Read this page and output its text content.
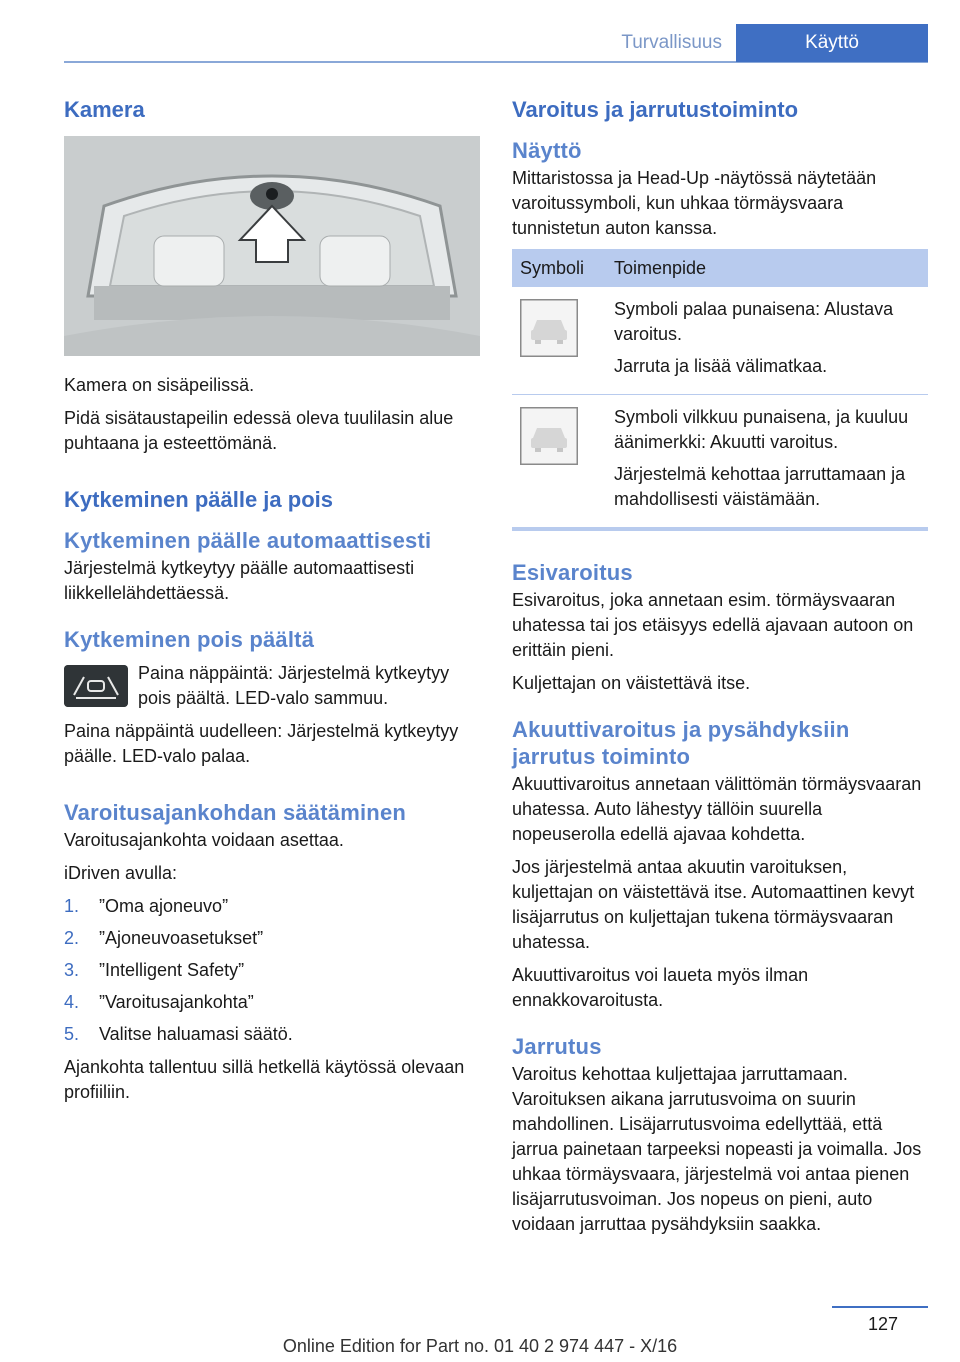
Turvallisuus	Käyttö
Kamera

Kamera on sisäpeilissä.

Pidä sisätaustapeilin edessä oleva tuulilasin alue puhtaana ja esteettömänä.

Kytkeminen päälle ja pois
Kytkeminen päälle automaattisesti

Järjestelmä kytkeytyy päälle automaattisesti liikkellelähdettäessä.

Kytkeminen pois päältä

Paina näppäintä: Järjestelmä kytkeytyy pois päältä. LED-valo sammuu.

Paina näppäintä uudelleen: Järjestelmä kytkeytyy päälle. LED-valo palaa.

Varoitusajankohdan säätäminen

Varoitusajankohta voidaan asettaa.

iDriven avulla:

1.	”Oma ajoneuvo”
2.	”Ajoneuvoasetukset”
3.	”Intelligent Safety”
4.	”Varoitusajankohta”
5.	Valitse haluamasi säätö.

Ajankohta tallentuu sillä hetkellä käytössä olevaan profiiliin.

Varoitus ja jarrutustoiminto
Näyttö

Mittaristossa ja Head-Up -näytössä näytetään varoitussymboli, kun uhkaa törmäysvaara tunnistetun auton kanssa.

Symboli	Toimenpide

Symboli palaa punaisena: Alustava varoitus.

Jarruta ja lisää välimatkaa.

Symboli vilkkuu punaisena, ja kuuluu äänimerkki: Akuutti varoitus.

Järjestelmä kehottaa jarruttamaan ja mahdollisesti väistämään.

Esivaroitus

Esivaroitus, joka annetaan esim. törmäysvaaran uhatessa tai jos etäisyys edellä ajavaan autoon on erittäin pieni.

Kuljettajan on väistettävä itse.

Akuuttivaroitus ja pysähdyksiin jarrutus toiminto

Akuuttivaroitus annetaan välittömän törmäysvaaran uhatessa. Auto lähestyy tällöin suurella nopeuserolla edellä ajavaa kohdetta.

Jos järjestelmä antaa akuutin varoituksen, kuljettajan on väistettävä itse. Automaattinen kevyt lisäjarrutus on kuljettajan tukena törmäysvaaran uhatessa.

Akuuttivaroitus voi laueta myös ilman ennakkovaroitusta.

Jarrutus

Varoitus kehottaa kuljettajaa jarruttamaan. Varoituksen aikana jarrutusvoima on suurin mahdollinen. Lisäjarrutusvoima edellyttää, että jarrua painetaan tarpeeksi nopeasti ja voimalla. Jos uhkaa törmäysvaara, järjestelmä voi antaa pienen lisäjarrutusvoiman. Jos nopeus on pieni, auto voidaan jarruttaa pysähdyksiin saakka.

127
Online Edition for Part no. 01 40 2 974 447 - X/16
